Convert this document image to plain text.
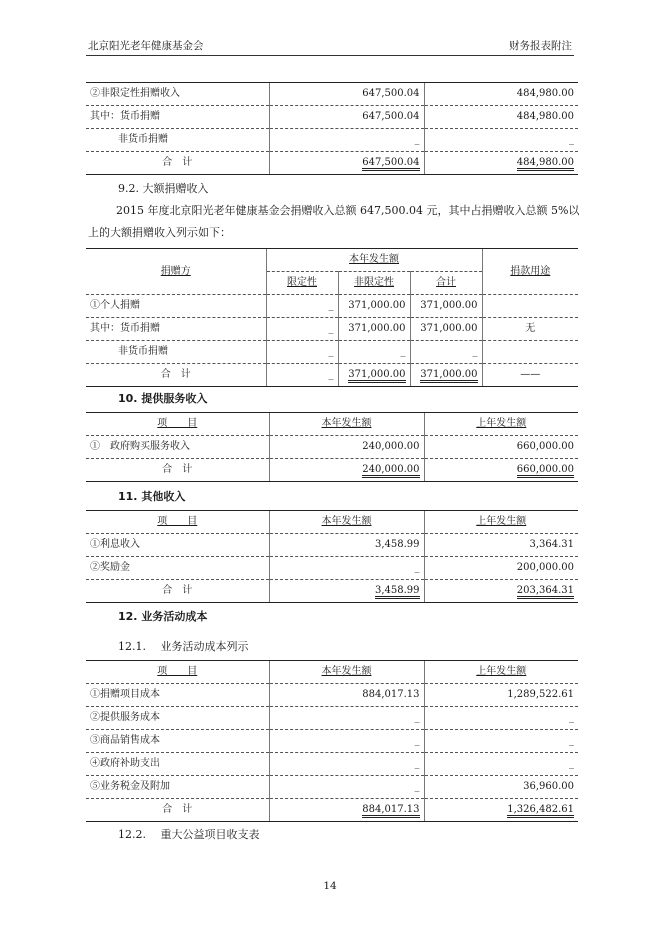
北京阳光老年健康基金会	财务报表附注
②非限定性捐赠收入	647,500.04	484,980.00
其中：货币捐赠	647,500.04	484,980.00
非货币捐赠	_	_
合　计	647,500.04	484,980.00
9.2. 大额捐赠收入
2015 年度北京阳光老年健康基金会捐赠收入总额 647,500.04 元，其中占捐赠收入总额 5%以上的大额捐赠收入列示如下：
捐赠方	本年发生额			捐款用途
	限定性	非限定性	合计	
①个人捐赠	_	371,000.00	371,000.00	
其中：货币捐赠	_	371,000.00	371,000.00	无
非货币捐赠	_	_	_	
合　计	_	371,000.00	371,000.00	——
10. 提供服务收入
项　　目	本年发生额	上年发生额
①　政府购买服务收入	240,000.00	660,000.00
合　计	240,000.00	660,000.00
11. 其他收入
项　　目	本年发生额	上年发生额
①利息收入	3,458.99	3,364.31
②奖励金	_	200,000.00
合　计	3,458.99	203,364.31
12. 业务活动成本
12.1.　 业务活动成本列示
项　　目	本年发生额	上年发生额
①捐赠项目成本	884,017.13	1,289,522.61
②提供服务成本	_	_
③商品销售成本	_	_
④政府补助支出	_	_
⑤业务税金及附加	_	36,960.00
合　计	884,017.13	1,326,482.61
12.2.　 重大公益项目收支表
14
